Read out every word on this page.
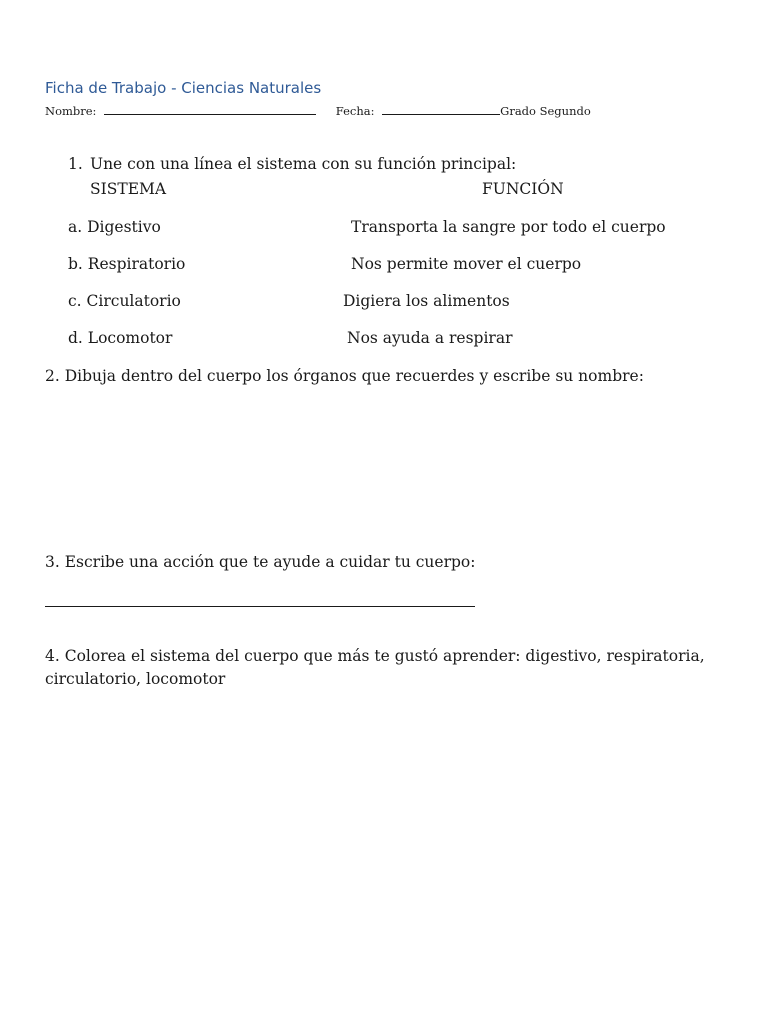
Ficha de Trabajo - Ciencias Naturales
Nombre:	Fecha:	Grado Segundo
1. Une con una línea el sistema con su función principal:
SISTEMA	FUNCIÓN
a. Digestivo	Transporta la sangre por todo el cuerpo
b. Respiratorio	Nos permite mover el cuerpo
c. Circulatorio	Digiera los alimentos
d. Locomotor	Nos ayuda a respirar
2. Dibuja dentro del cuerpo los órganos que recuerdes y escribe su nombre:
3. Escribe una acción que te ayude a cuidar tu cuerpo:
4. Colorea el sistema del cuerpo que más te gustó aprender: digestivo, respiratoria,
circulatorio, locomotor
